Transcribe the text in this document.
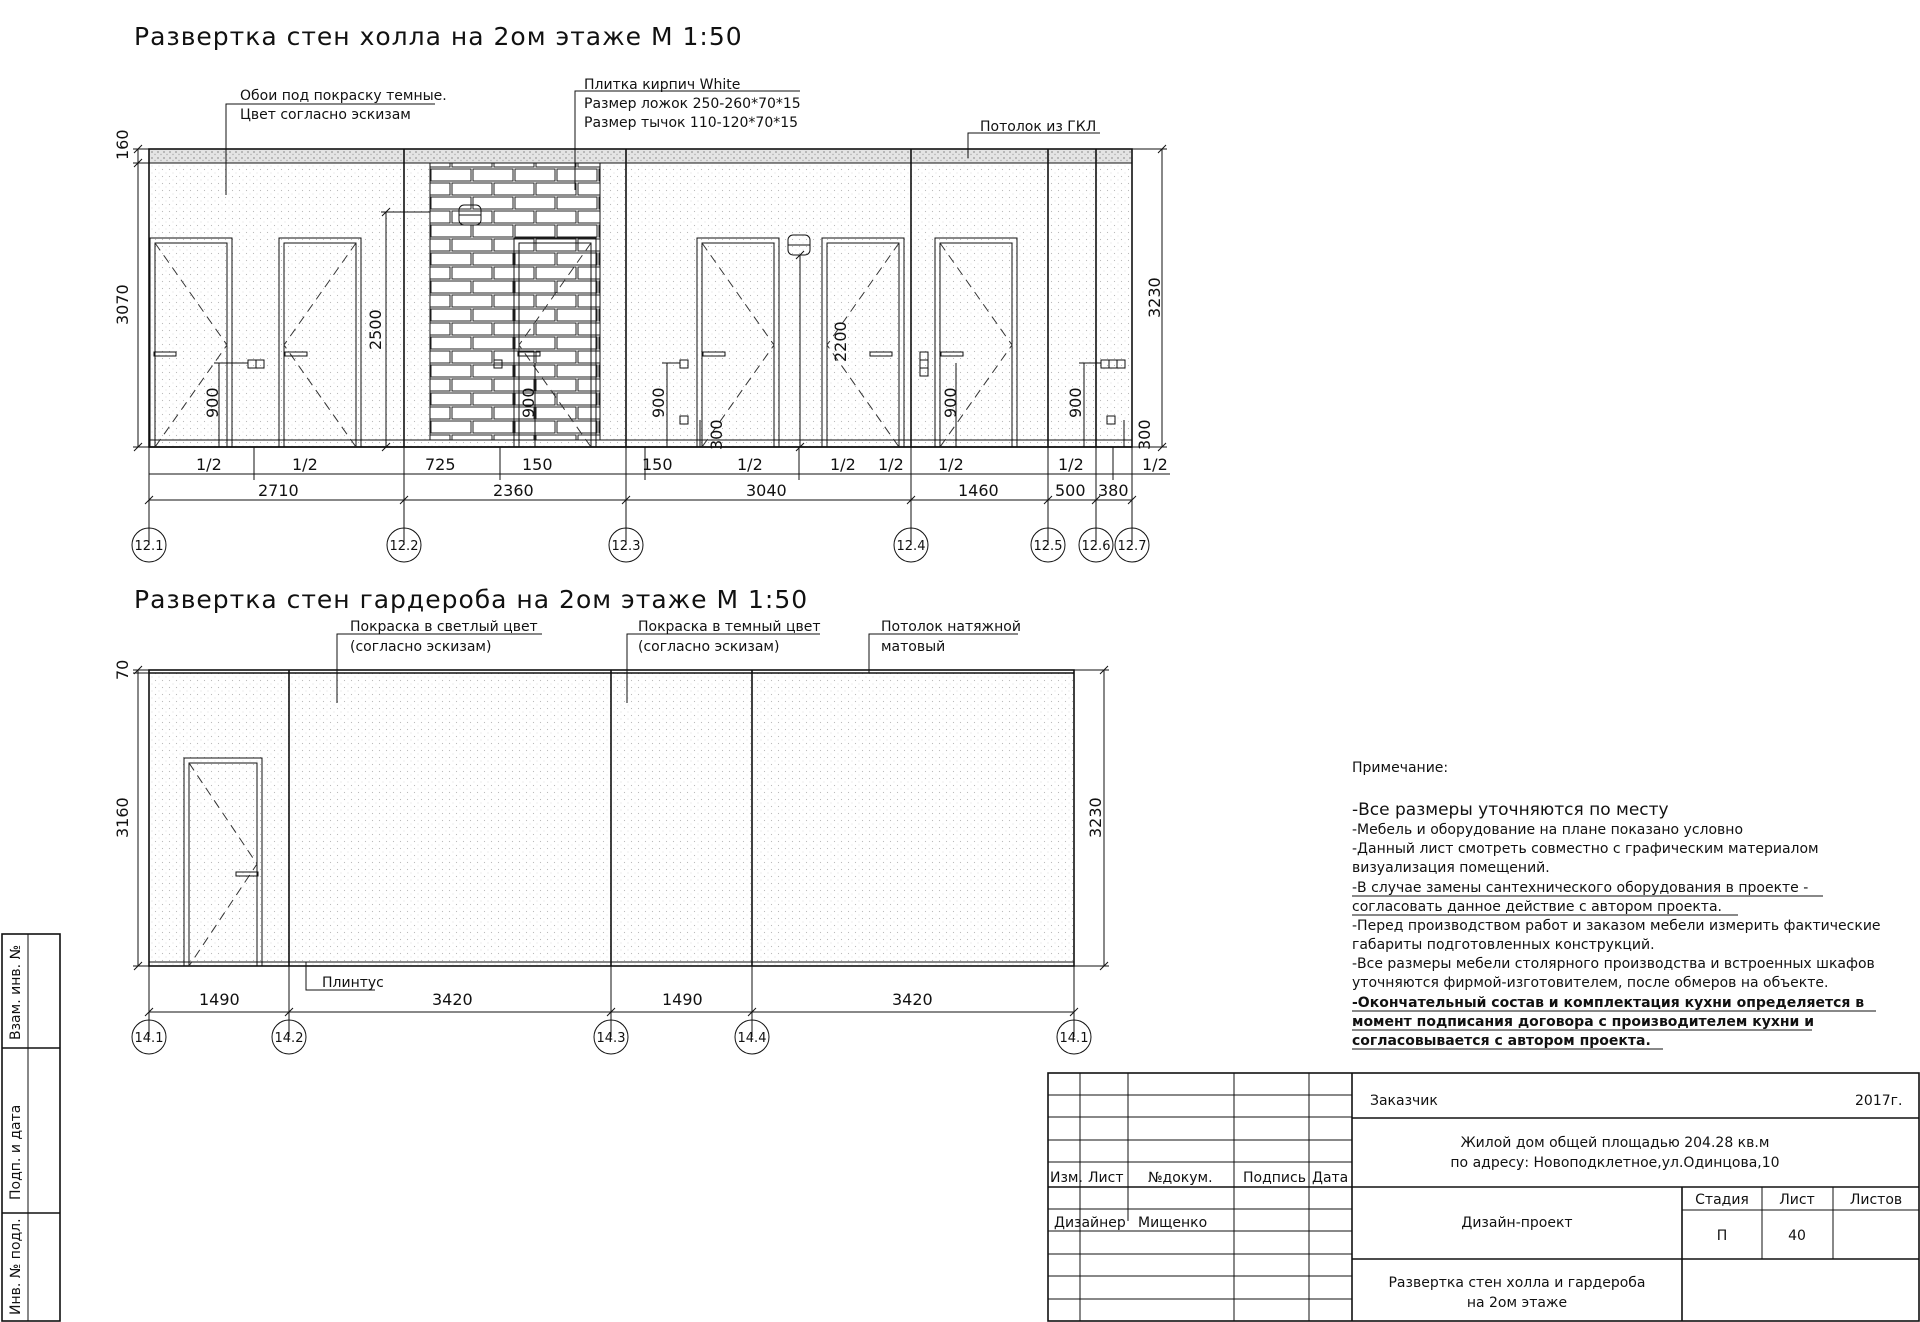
Развертка стен холла на 2ом этаже М 1:50
Обои под покраску темные.
Цвет согласно эскизам
Плитка кирпич White
Размер ложок 250-260*70*15
Размер тычок 110-120*70*15	Потолок из ГКЛ
160
3070
2500	2200
900	900	900	900	900
300	300
3230
1/2	1/2	725	150	150	1/2	1/2 1/2 1/2	1/2	1/2
2710	2360	3040	1460	500 380
12.1	12.2	12.3	12.4	12.5 12.6 12.7
Развертка стен гардероба на 2ом этаже М 1:50
Покраска в светлый цвет
(согласно эскизам)
Покраска в темный цвет
(согласно эскизам)
Потолок натяжной
матовый
Плинтус
70
3160	3230
1490	3420	1490	3420
14.1	14.2	14.3	14.4	14.1
Примечание:
-Все размеры уточняются по месту
-Мебель и оборудование на плане показано условно
-Данный лист смотреть совместно с графическим материалом
визуализация помещений.
-В случае замены сантехнического оборудования в проекте -
согласовать данное действие с автором проекта.
-Перед производством работ и заказом мебели измерить фактические
габариты подготовленных конструкций.
-Все размеры мебели столярного производства и встроенных шкафов
уточняются фирмой-изготовителем, после обмеров на объекте.
-Окончательный состав и комплектация кухни определяется в
момент подписания договора с производителем кухни и
согласовывается с автором проекта.
Изм. Лист №докум. Подпись Дата
Дизайнер Мищенко
Заказчик	2017г.
Жилой дом общей площадью 204.28 кв.м
по адресу: Новоподклетное,ул.Одинцова,10
Дизайн-проект
Стадия Лист	Листов
П	40
Развертка стен холла и гардероба
на 2ом этаже
Взам. инв. №
Подп. и дата
Инв. № подл.
